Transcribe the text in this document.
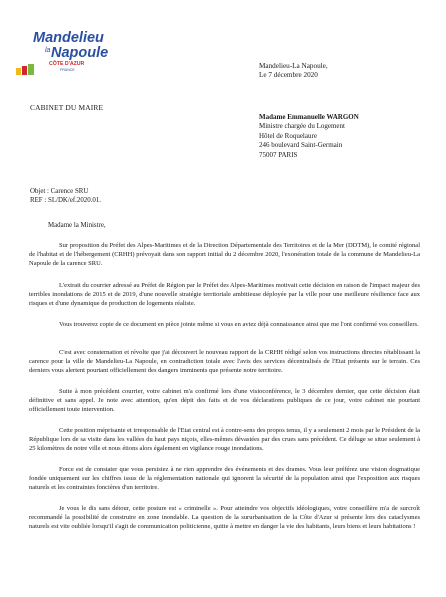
Mandelieu
la Napoule
CÔTE D'AZUR
FRANCE	Mandelieu-La Napoule,
Le 7 décembre 2020
CABINET DU MAIRE
Madame Emmanuelle WARGON
Ministre chargée du Logement
Hôtel de Roquelaure
246 boulevard Saint-Germain
75007 PARIS
Objet : Carence SRU
REF : SL/DK/ef.2020.01.
Madame la Ministre,

Sur proposition du Préfet des Alpes-Maritimes et de la Direction Départementale des Territoires et de la Mer (DDTM), le comité régional de l'habitat et de l'hébergement (CRHH) prévoyait dans son rapport initial du 2 décembre 2020, l'exonération totale de la commune de Mandelieu-La Napoule de la carence SRU.

L'extrait du courrier adressé au Préfet de Région par le Préfet des Alpes-Maritimes motivait cette décision en raison de l'impact majeur des terribles inondations de 2015 et de 2019, d'une nouvelle stratégie territoriale ambitieuse déployée par la ville pour une meilleure résilience face aux risques et d'une dynamique de production de logements réaliste.

Vous trouverez copie de ce document en pièce jointe même si vous en aviez déjà connaissance ainsi que me l'ont confirmé vos conseillers.

C'est avec consternation et révolte que j'ai découvert le nouveau rapport de la CRHH rédigé selon vos instructions directes rétablissant la carence pour la ville de Mandelieu-La Napoule, en contradiction totale avec l'avis des services décentralisés de l'Etat présents sur le terrain. Ces derniers vous alertent pourtant officiellement des dangers imminents que présente notre territoire.

Suite à mon précédent courrier, votre cabinet m'a confirmé lors d'une visioconférence, le 3 décembre dernier, que cette décision était définitive et sans appel. Je note avec attention, qu'en dépit des faits et de vos déclarations publiques de ce jour, votre cabinet nie pourtant officiellement toute intervention.

Cette position méprisante et irresponsable de l'Etat central est à contre-sens des propos tenus, il y a seulement 2 mois par le Président de la République lors de sa visite dans les vallées du haut pays niçois, elles-mêmes dévastées par des crues sans précédent. Ce déluge se situe seulement à 25 kilomètres de notre ville et nous étions alors également en vigilance rouge inondations.

Force est de constater que vous persistez à ne rien apprendre des événements et des drames. Vous leur préférez une vision dogmatique fondée uniquement sur les chiffres issus de la réglementation nationale qui ignorent la sécurité de la population ainsi que l'exposition aux risques naturels et les contraintes foncières d'un territoire.

Je vous le dis sans détour, cette posture est « criminelle ». Pour atteindre vos objectifs idéologiques, votre conseillère m'a de surcroît recommandé la possibilité de construire en zone inondable. La question de la sururbanisation de la Côte d'Azur si présente lors des cataclysmes naturels est vite oubliée lorsqu'il s'agit de communication politicienne, quitte à mettre en danger la vie des habitants, leurs biens et leurs habitations !
